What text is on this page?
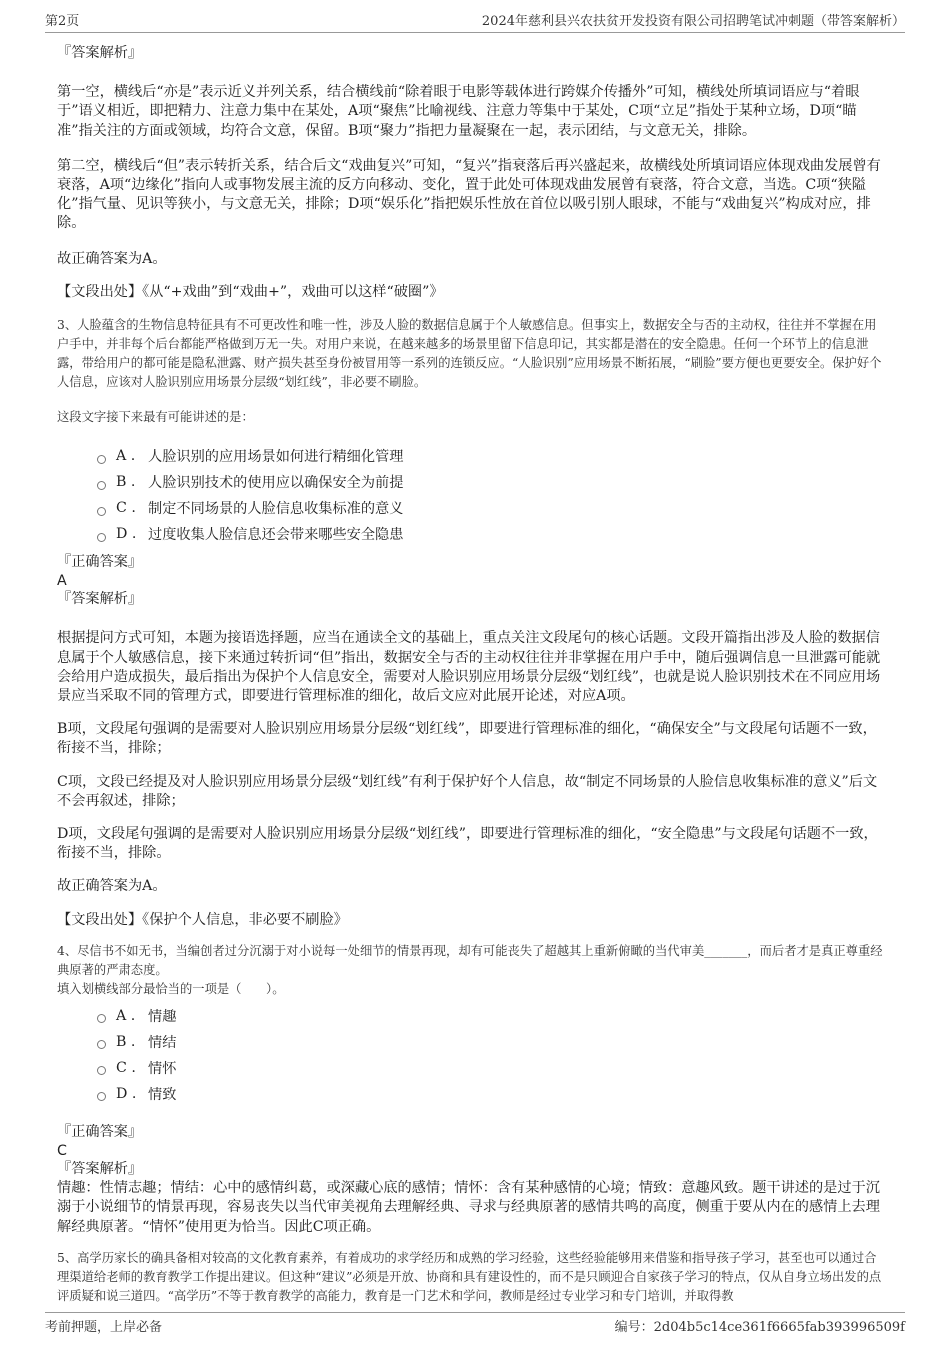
第2页	2024年慈利县兴农扶贫开发投资有限公司招聘笔试冲刺题（带答案解析）

『答案解析』

第一空，横线后“亦是”表示近义并列关系，结合横线前“除着眼于电影等载体进行跨媒介传播外”可知，横线处所填词语应与“着眼于”语义相近，即把精力、注意力集中在某处，A项“聚焦”比喻视线、注意力等集中于某处，C项“立足”指处于某种立场，D项“瞄准”指关注的方面或领域，均符合文意，保留。B项“聚力”指把力量凝聚在一起，表示团结，与文意无关，排除。

第二空，横线后“但”表示转折关系，结合后文“戏曲复兴”可知，“复兴”指衰落后再兴盛起来，故横线处所填词语应体现戏曲发展曾有衰落，A项“边缘化”指向人或事物发展主流的反方向移动、变化，置于此处可体现戏曲发展曾有衰落，符合文意，当选。C项“狭隘化”指气量、见识等狭小，与文意无关，排除；D项“娱乐化”指把娱乐性放在首位以吸引别人眼球，不能与“戏曲复兴”构成对应，排除。

故正确答案为A。

【文段出处】《从“+戏曲”到“戏曲+”，戏曲可以这样“破圈”》

3、人脸蕴含的生物信息特征具有不可更改性和唯一性，涉及人脸的数据信息属于个人敏感信息。但事实上，数据安全与否的主动权，往往并不掌握在用户手中，并非每个后台都能严格做到万无一失。对用户来说，在越来越多的场景里留下信息印记，其实都是潜在的安全隐患。任何一个环节上的信息泄露，带给用户的都可能是隐私泄露、财产损失甚至身份被冒用等一系列的连锁反应。“人脸识别”应用场景不断拓展，“刷脸”要方便也更要安全。保护好个人信息，应该对人脸识别应用场景分层级“划红线”，非必要不刷脸。

这段文字接下来最有可能讲述的是：

A . 人脸识别的应用场景如何进行精细化管理
B . 人脸识别技术的使用应以确保安全为前提
C . 制定不同场景的人脸信息收集标准的意义
D . 过度收集人脸信息还会带来哪些安全隐患

『正确答案』

A

『答案解析』

根据提问方式可知，本题为接语选择题，应当在通读全文的基础上，重点关注文段尾句的核心话题。文段开篇指出涉及人脸的数据信息属于个人敏感信息，接下来通过转折词“但”指出，数据安全与否的主动权往往并非掌握在用户手中，随后强调信息一旦泄露可能就会给用户造成损失，最后指出为保护个人信息安全，需要对人脸识别应用场景分层级“划红线”，也就是说人脸识别技术在不同应用场景应当采取不同的管理方式，即要进行管理标准的细化，故后文应对此展开论述，对应A项。

B项，文段尾句强调的是需要对人脸识别应用场景分层级“划红线”，即要进行管理标准的细化，“确保安全”与文段尾句话题不一致，衔接不当，排除；

C项，文段已经提及对人脸识别应用场景分层级“划红线”有利于保护好个人信息，故“制定不同场景的人脸信息收集标准的意义”后文不会再叙述，排除；

D项，文段尾句强调的是需要对人脸识别应用场景分层级“划红线”，即要进行管理标准的细化，“安全隐患”与文段尾句话题不一致，衔接不当，排除。

故正确答案为A。

【文段出处】《保护个人信息，非必要不刷脸》

4、尽信书不如无书，当编创者过分沉溺于对小说每一处细节的情景再现，却有可能丧失了超越其上重新俯瞰的当代审美_______，而后者才是真正尊重经典原著的严肃态度。

填入划横线部分最恰当的一项是（　　）。

A . 情趣
B . 情结
C . 情怀
D . 情致

『正确答案』

C

『答案解析』

情趣：性情志趣；情结：心中的感情纠葛，或深藏心底的感情；情怀：含有某种感情的心境；情致：意趣风致。题干讲述的是过于沉溺于小说细节的情景再现，容易丧失以当代审美视角去理解经典、寻求与经典原著的感情共鸣的高度，侧重于要从内在的感情上去理解经典原著。“情怀”使用更为恰当。因此C项正确。

5、高学历家长的确具备相对较高的文化教育素养，有着成功的求学经历和成熟的学习经验，这些经验能够用来借鉴和指导孩子学习，甚至也可以通过合理渠道给老师的教育教学工作提出建议。但这种“建议”必须是开放、协商和具有建设性的，而不是只顾迎合自家孩子学习的特点，仅从自身立场出发的点评质疑和说三道四。“高学历”不等于教育教学的高能力，教育是一门艺术和学问，教师是经过专业学习和专门培训，并取得教

考前押题，上岸必备	编号：2d04b5c14ce361f6665fab393996509f
